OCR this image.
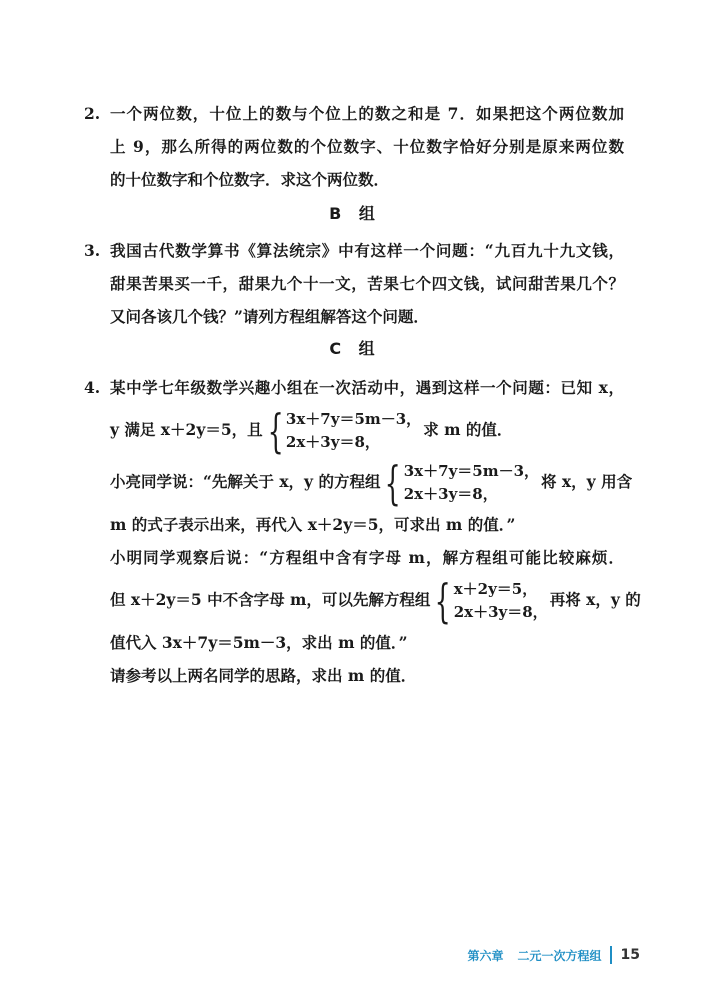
2. 一个两位数，十位上的数与个位上的数之和是 7．如果把这个两位数加
上 9，那么所得的两位数的个位数字、十位数字恰好分别是原来两位数
的十位数字和个位数字．求这个两位数．
B 组
3. 我国古代数学算书《算法统宗》中有这样一个问题：“九百九十九文钱，
甜果苦果买一千，甜果九个十一文，苦果七个四文钱，试问甜苦果几个？
又问各该几个钱？”请列方程组解答这个问题．
C 组
4. 某中学七年级数学兴趣小组在一次活动中，遇到这样一个问题：已知 x，
y 满足 x＋2y＝5，且 { 3x＋7y＝5m－3，
2x＋3y＝8，
求 m 的值．
小亮同学说：“先解关于 x，y 的方程组 { 3x＋7y＝5m－3，
2x＋3y＝8，
将 x，y 用含
m 的式子表示出来，再代入 x＋2y＝5，可求出 m 的值．”
小明同学观察后说：“方程组中含有字母 m，解方程组可能比较麻烦．
但 x＋2y＝5 中不含字母 m，可以先解方程组 { x＋2y＝5，
2x＋3y＝8，
再将 x，y 的
值代入 3x＋7y＝5m－3，求出 m 的值．”
请参考以上两名同学的思路，求出 m 的值．
第六章 二元一次方程组 15
